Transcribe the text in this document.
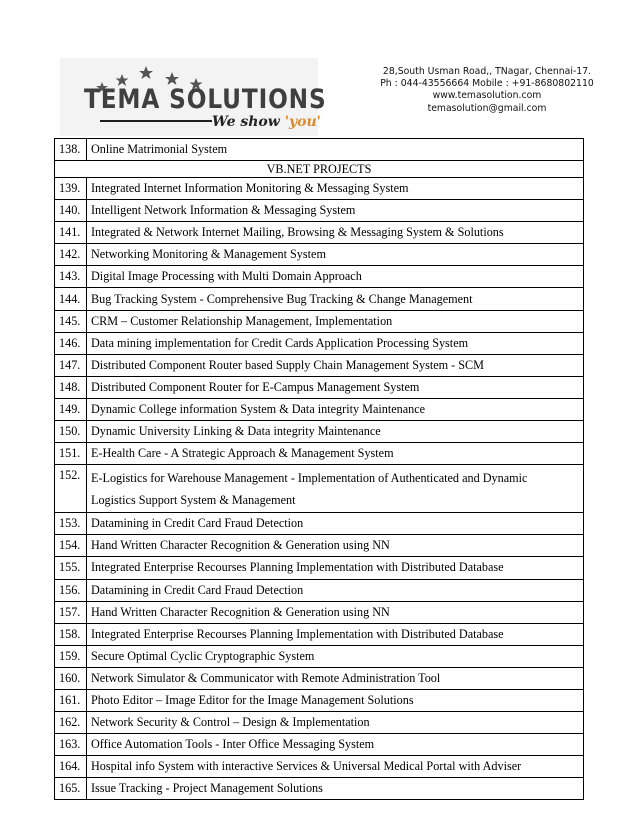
TEMA SOLUTIONS
We show 'you'
28,South Usman Road,, TNagar, Chennai-17.
Ph : 044-43556664 Mobile : +91-8680802110
www.temasolution.com
temasolution@gmail.com
138.	Online Matrimonial System
VB.NET PROJECTS	
139.	Integrated Internet Information Monitoring & Messaging System
140.	Intelligent Network Information & Messaging System
141.	Integrated & Network Internet Mailing, Browsing & Messaging System & Solutions
142.	Networking Monitoring & Management System
143.	Digital Image Processing with Multi Domain Approach
144.	Bug Tracking System - Comprehensive Bug Tracking & Change Management
145.	CRM – Customer Relationship Management, Implementation
146.	Data mining implementation for Credit Cards Application Processing System
147.	Distributed Component Router based Supply Chain Management System - SCM
148.	Distributed Component Router for E-Campus Management System
149.	Dynamic College information System & Data integrity Maintenance
150.	Dynamic University Linking & Data integrity Maintenance
151.	E-Health Care - A Strategic Approach & Management System
152.	E-Logistics for Warehouse Management - Implementation of Authenticated and Dynamic
Logistics Support System & Management

153.	Datamining in Credit Card Fraud Detection
154.	Hand Written Character Recognition & Generation using NN
155.	Integrated Enterprise Recourses Planning Implementation with Distributed Database
156.	Datamining in Credit Card Fraud Detection
157.	Hand Written Character Recognition & Generation using NN
158.	Integrated Enterprise Recourses Planning Implementation with Distributed Database
159.	Secure Optimal Cyclic Cryptographic System
160.	Network Simulator & Communicator with Remote Administration Tool
161.	Photo Editor – Image Editor for the Image Management Solutions
162.	Network Security & Control – Design & Implementation
163.	Office Automation Tools - Inter Office Messaging System
164.	Hospital info System with interactive Services & Universal Medical Portal with Adviser
165.	Issue Tracking - Project Management Solutions
